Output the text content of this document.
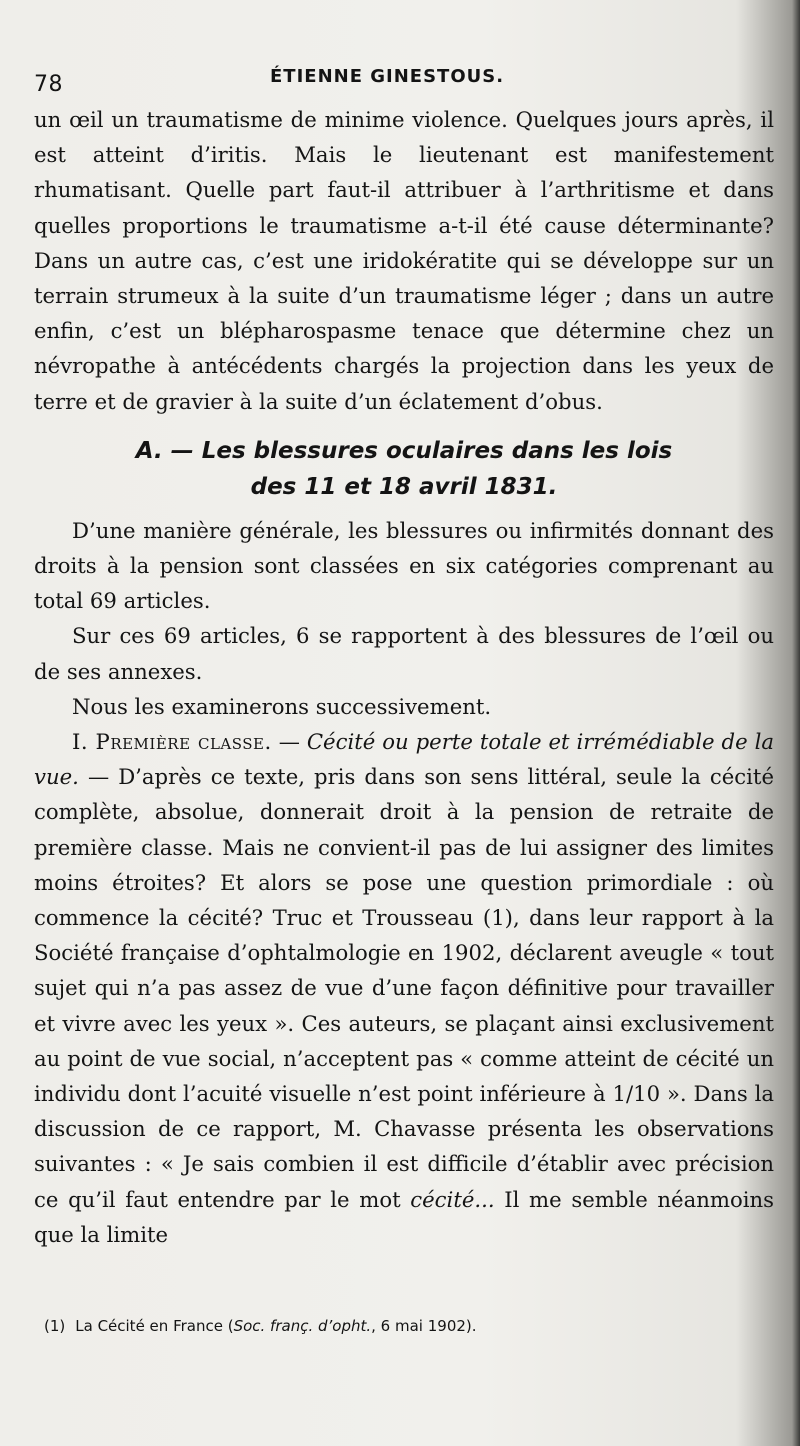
78	ÉTIENNE GINESTOUS.

un œil un traumatisme de minime violence. Quelques jours après, il est atteint d’iritis. Mais le lieutenant est manifestement rhumatisant. Quelle part faut-il attribuer à l’arthritisme et dans quelles proportions le traumatisme a-t-il été cause déterminante? Dans un autre cas, c’est une iridokératite qui se développe sur un terrain strumeux à la suite d’un traumatisme léger ; dans un autre enfin, c’est un blépharospasme tenace que détermine chez un névropathe à antécédents chargés la projection dans les yeux de terre et de gravier à la suite d’un éclatement d’obus.

A. — Les blessures oculaires dans les lois
des 11 et 18 avril 1831.

D’une manière générale, les blessures ou infirmités donnant des droits à la pension sont classées en six catégories comprenant au total 69 articles.

Sur ces 69 articles, 6 se rapportent à des blessures de l’œil ou de ses annexes.

Nous les examinerons successivement.

I. Première classe. — Cécité ou perte totale et irrémédiable de la vue. — D’après ce texte, pris dans son sens littéral, seule la cécité complète, absolue, donnerait droit à la pension de retraite de première classe. Mais ne convient-il pas de lui assigner des limites moins étroites? Et alors se pose une question primordiale : où commence la cécité? Truc et Trousseau (1), dans leur rapport à la Société française d’ophtalmologie en 1902, déclarent aveugle « tout sujet qui n’a pas assez de vue d’une façon définitive pour travailler et vivre avec les yeux ». Ces auteurs, se plaçant ainsi exclusivement au point de vue social, n’acceptent pas « comme atteint de cécité un individu dont l’acuité visuelle n’est point inférieure à 1/10 ». Dans la discussion de ce rapport, M. Chavasse présenta les observations suivantes : « Je sais combien il est difficile d’établir avec précision ce qu’il faut entendre par le mot cécité... Il me semble néanmoins que la limite

(1) La Cécité en France (Soc. franç. d’opht., 6 mai 1902).
